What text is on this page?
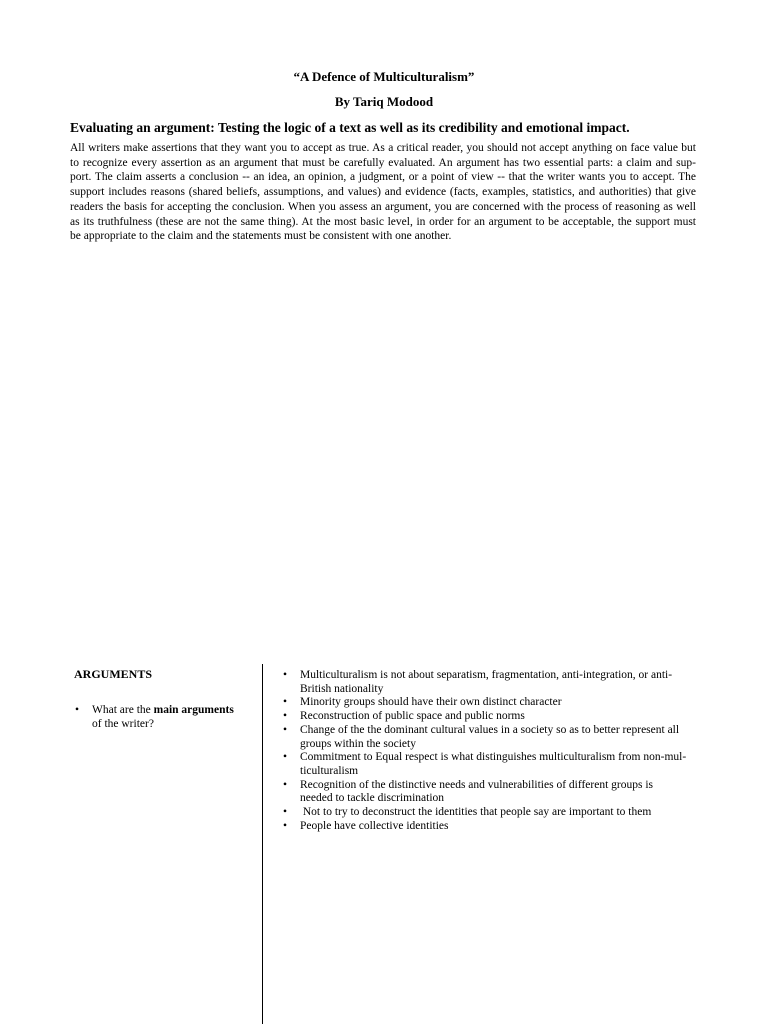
“A Defence of Multiculturalism”
By Tariq Modood
Evaluating an argument: Testing the logic of a text as well as its credibility and emotional impact.
All writers make assertions that they want you to accept as true. As a critical reader, you should not accept anything on face value but
to recognize every assertion as an argument that must be carefully evaluated. An argument has two essential parts: a claim and sup-
port. The claim asserts a conclusion -- an idea, an opinion, a judgment, or a point of view -- that the writer wants you to accept. The
support includes reasons (shared beliefs, assumptions, and values) and evidence (facts, examples, statistics, and authorities) that give
readers the basis for accepting the conclusion. When you assess an argument, you are concerned with the process of reasoning as well
as its truthfulness (these are not the same thing). At the most basic level, in order for an argument to be acceptable, the support must
be appropriate to the claim and the statements must be consistent with one another.
ARGUMENTS
• What are the main arguments
of the writer?
• Multiculturalism is not about separatism, fragmentation, anti-integration, or anti-
British nationality
• Minority groups should have their own distinct character
• Reconstruction of public space and public norms
• Change of the the dominant cultural values in a society so as to better represent all
groups within the society
• Commitment to Equal respect is what distinguishes multiculturalism from non-mul-
ticulturalism
• Recognition of the distinctive needs and vulnerabilities of different groups is
needed to tackle discrimination
• Not to try to deconstruct the identities that people say are important to them
• People have collective identities
